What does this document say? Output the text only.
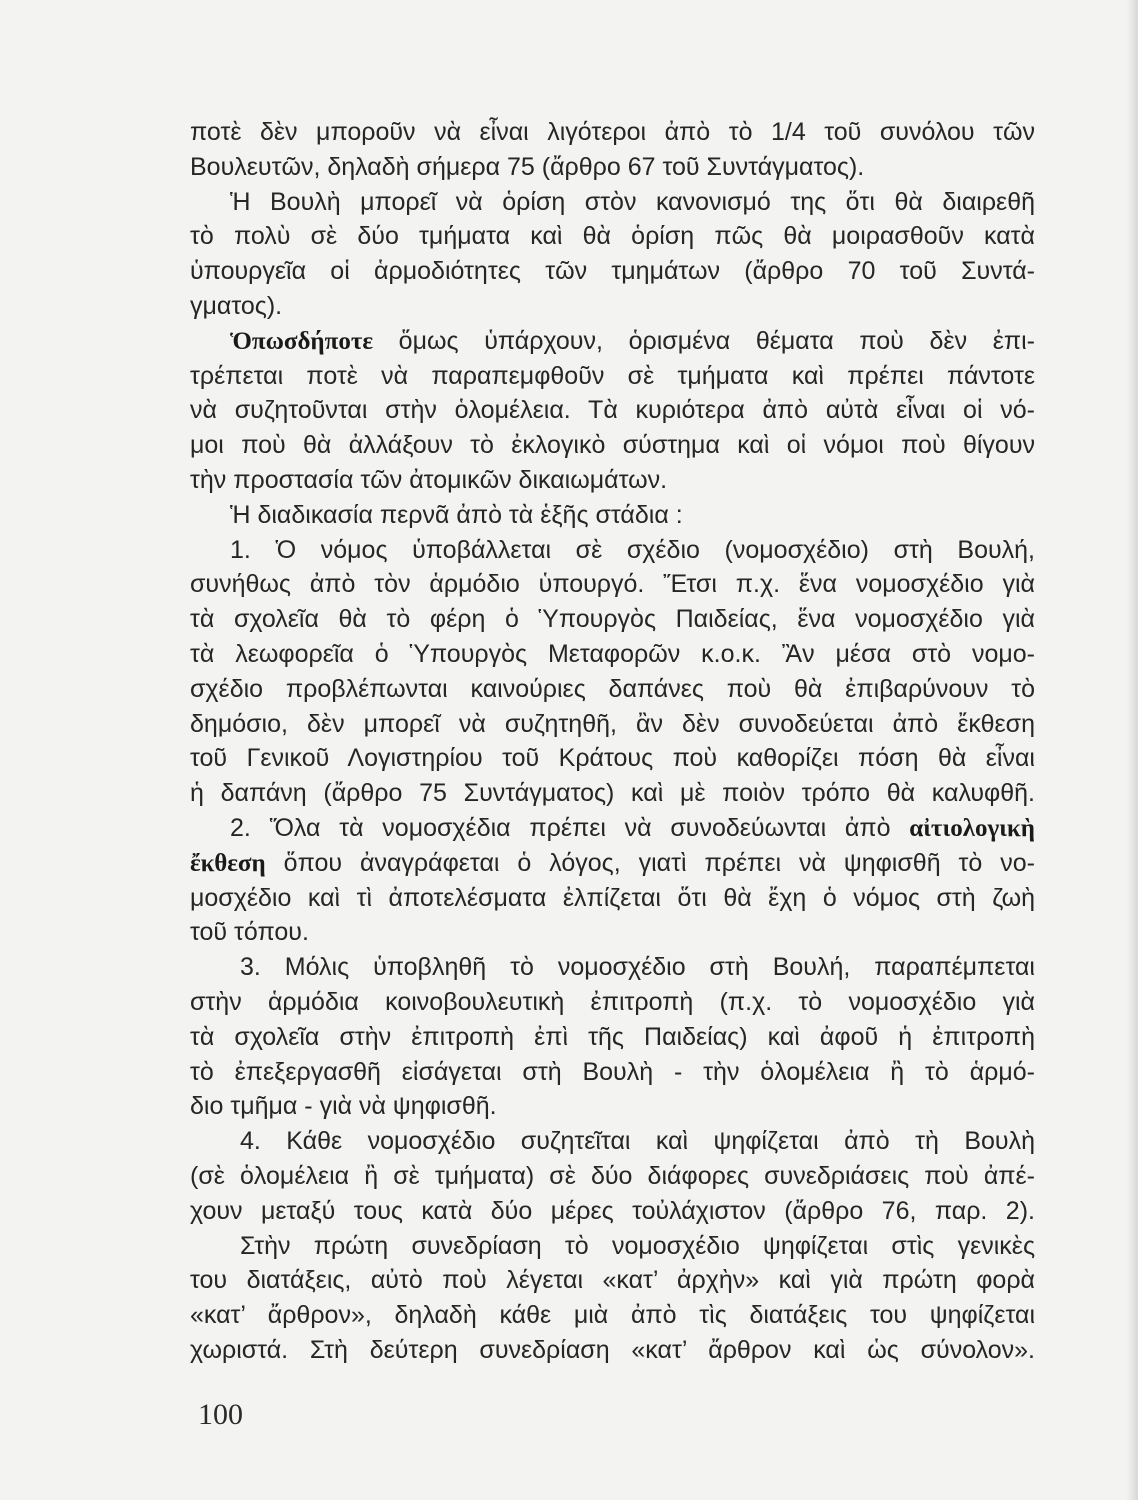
ποτὲ δὲν μποροῦν νὰ εἶναι λιγότεροι ἀπὸ τὸ 1/4 τοῦ συνόλου τῶν
Βουλευτῶν, δηλαδὴ σήμερα 75 (ἄρθρο 67 τοῦ Συντάγματος).
Ἡ Βουλὴ μπορεῖ νὰ ὁρίση στὸν κανονισμό της ὅτι θὰ διαιρεθῆ
τὸ πολὺ σὲ δύο τμήματα καὶ θὰ ὁρίση πῶς θὰ μοιρασθοῦν κατὰ
ὑπουργεῖα οἱ ἁρμοδιότητες τῶν τμημάτων (ἄρθρο 70 τοῦ Συντά-
γματος).
Ὁπωσδήποτε ὅμως ὑπάρχουν, ὁρισμένα θέματα ποὺ δὲν ἐπι-
τρέπεται ποτὲ νὰ παραπεμφθοῦν σὲ τμήματα καὶ πρέπει πάντοτε
νὰ συζητοῦνται στὴν ὁλομέλεια. Τὰ κυριότερα ἀπὸ αὐτὰ εἶναι οἱ νό-
μοι ποὺ θὰ ἀλλάξουν τὸ ἐκλογικὸ σύστημα καὶ οἱ νόμοι ποὺ θίγουν
τὴν προστασία τῶν ἀτομικῶν δικαιωμάτων.
Ἡ διαδικασία περνᾶ ἀπὸ τὰ ἑξῆς στάδια :
1. Ὁ νόμος ὑποβάλλεται σὲ σχέδιο (νομοσχέδιο) στὴ Βουλή,
συνήθως ἀπὸ τὸν ἁρμόδιο ὑπουργό. Ἔτσι π.χ. ἕνα νομοσχέδιο γιὰ
τὰ σχολεῖα θὰ τὸ φέρη ὁ Ὑπουργὸς Παιδείας, ἕνα νομοσχέδιο γιὰ
τὰ λεωφορεῖα ὁ Ὑπουργὸς Μεταφορῶν κ.ο.κ. Ἂν μέσα στὸ νομο-
σχέδιο προβλέπωνται καινούριες δαπάνες ποὺ θὰ ἐπιβαρύνουν τὸ
δημόσιο, δὲν μπορεῖ νὰ συζητηθῆ, ἂν δὲν συνοδεύεται ἀπὸ ἔκθεση
τοῦ Γενικοῦ Λογιστηρίου τοῦ Κράτους ποὺ καθορίζει πόση θὰ εἶναι
ἡ δαπάνη (ἄρθρο 75 Συντάγματος) καὶ μὲ ποιὸν τρόπο θὰ καλυφθῆ.
2. Ὅλα τὰ νομοσχέδια πρέπει νὰ συνοδεύωνται ἀπὸ αἰτιολογικὴ
ἔκθεση ὅπου ἀναγράφεται ὁ λόγος, γιατὶ πρέπει νὰ ψηφισθῆ τὸ νο-
μοσχέδιο καὶ τὶ ἀποτελέσματα ἐλπίζεται ὅτι θὰ ἔχη ὁ νόμος στὴ ζωὴ
τοῦ τόπου.
3. Μόλις ὑποβληθῆ τὸ νομοσχέδιο στὴ Βουλή, παραπέμπεται
στὴν ἁρμόδια κοινοβουλευτικὴ ἐπιτροπὴ (π.χ. τὸ νομοσχέδιο γιὰ
τὰ σχολεῖα στὴν ἐπιτροπὴ ἐπὶ τῆς Παιδείας) καὶ ἀφοῦ ἡ ἐπιτροπὴ
τὸ ἐπεξεργασθῆ εἰσάγεται στὴ Βουλὴ - τὴν ὁλομέλεια ἢ τὸ ἁρμό-
διο τμῆμα - γιὰ νὰ ψηφισθῆ.
4. Κάθε νομοσχέδιο συζητεῖται καὶ ψηφίζεται ἀπὸ τὴ Βουλὴ
(σὲ ὁλομέλεια ἢ σὲ τμήματα) σὲ δύο διάφορες συνεδριάσεις ποὺ ἀπέ-
χουν μεταξύ τους κατὰ δύο μέρες τοὐλάχιστον (ἄρθρο 76, παρ. 2).
Στὴν πρώτη συνεδρίαση τὸ νομοσχέδιο ψηφίζεται στὶς γενικὲς
του διατάξεις, αὐτὸ ποὺ λέγεται «κατ’ ἀρχὴν» καὶ γιὰ πρώτη φορὰ
«κατ’ ἄρθρον», δηλαδὴ κάθε μιὰ ἀπὸ τὶς διατάξεις του ψηφίζεται
χωριστά. Στὴ δεύτερη συνεδρίαση «κατ’ ἄρθρον καὶ ὡς σύνολον».
100
